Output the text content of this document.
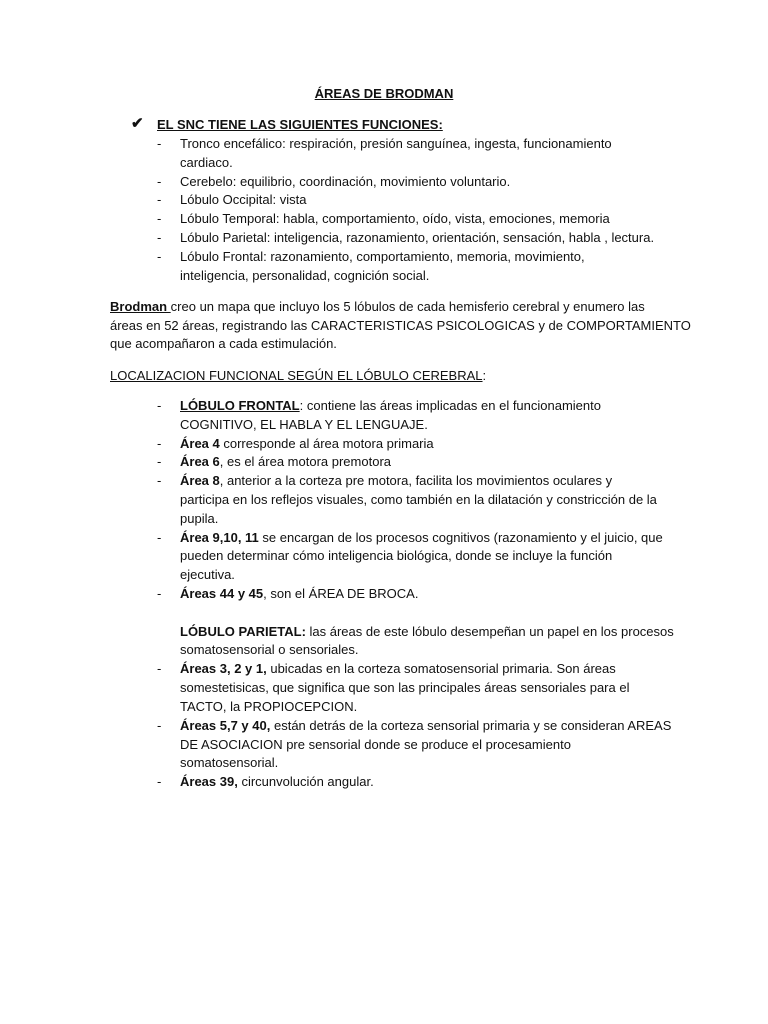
ÁREAS DE BRODMAN
✔ EL SNC TIENE LAS SIGUIENTES FUNCIONES:
- Tronco encefálico: respiración, presión sanguínea, ingesta, funcionamiento
cardiaco.
- Cerebelo: equilibrio, coordinación, movimiento voluntario.
- Lóbulo Occipital: vista
- Lóbulo Temporal: habla, comportamiento, oído, vista, emociones, memoria
- Lóbulo Parietal: inteligencia, razonamiento, orientación, sensación, habla , lectura.
- Lóbulo Frontal: razonamiento, comportamiento, memoria, movimiento,
inteligencia, personalidad, cognición social.
Brodman creo un mapa que incluyo los 5 lóbulos de cada hemisferio cerebral y enumero las
áreas en 52 áreas, registrando las CARACTERISTICAS PSICOLOGICAS y de COMPORTAMIENTO
que acompañaron a cada estimulación.
LOCALIZACION FUNCIONAL SEGÚN EL LÓBULO CEREBRAL:
- LÓBULO FRONTAL: contiene las áreas implicadas en el funcionamiento
COGNITIVO, EL HABLA Y EL LENGUAJE.
- Área 4 corresponde al área motora primaria
- Área 6, es el área motora premotora
- Área 8, anterior a la corteza pre motora, facilita los movimientos oculares y
participa en los reflejos visuales, como también en la dilatación y constricción de la
pupila.
- Área 9,10, 11 se encargan de los procesos cognitivos (razonamiento y el juicio, que
pueden determinar cómo inteligencia biológica, donde se incluye la función
ejecutiva.
- Áreas 44 y 45, son el ÁREA DE BROCA.
LÓBULO PARIETAL: las áreas de este lóbulo desempeñan un papel en los procesos
somatosensorial o sensoriales.
- Áreas 3, 2 y 1, ubicadas en la corteza somatosensorial primaria. Son áreas
somestetisicas, que significa que son las principales áreas sensoriales para el
TACTO, la PROPIOCEPCION.
- Áreas 5,7 y 40, están detrás de la corteza sensorial primaria y se consideran AREAS
DE ASOCIACION pre sensorial donde se produce el procesamiento
somatosensorial.
- Áreas 39, circunvolución angular.
